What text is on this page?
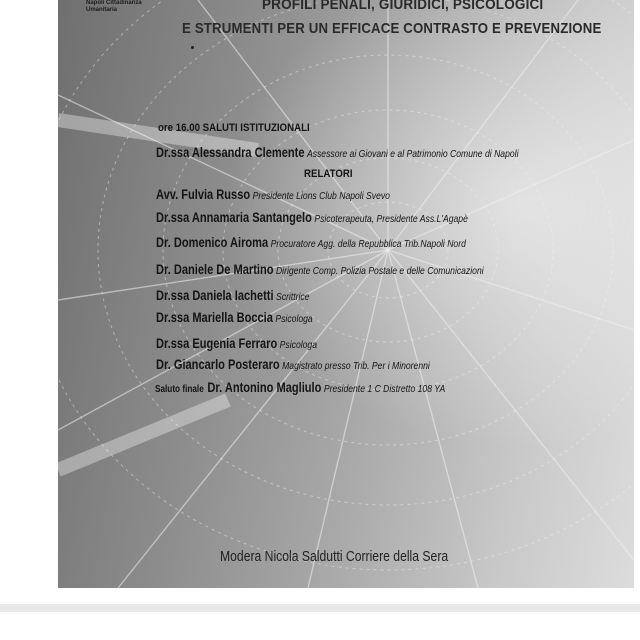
Napoli Cittadinanza
Umanitaria	PROFILI PENALI, GIURIDICI, PSICOLOGICI
E STRUMENTI PER UN EFFICACE CONTRASTO E PREVENZIONE
ore 16.00 SALUTI ISTITUZIONALI
Dr.ssa Alessandra Clemente Assessore ai Giovani e al Patrimonio Comune di Napoli
RELATORI
Avv. Fulvia Russo Presidente Lions Club Napoli Svevo
Dr.ssa Annamaria Santangelo Psicoterapeuta, Presidente Ass.L'Agapè
Dr. Domenico Airoma Procuratore Agg. della Repubblica Trib.Napoli Nord
Dr. Daniele De Martino Dirigente Comp. Polizia Postale e delle Comunicazioni
Dr.ssa Daniela Iachetti Scrittrice
Dr.ssa Mariella Boccia Psicologa
Dr.ssa Eugenia Ferraro Psicologa
Dr. Giancarlo Posteraro Magistrato presso Trib. Per i Minorenni
Saluto finale Dr. Antonino Magliulo Presidente 1 C Distretto 108 YA
Modera Nicola Saldutti Corriere della Sera
